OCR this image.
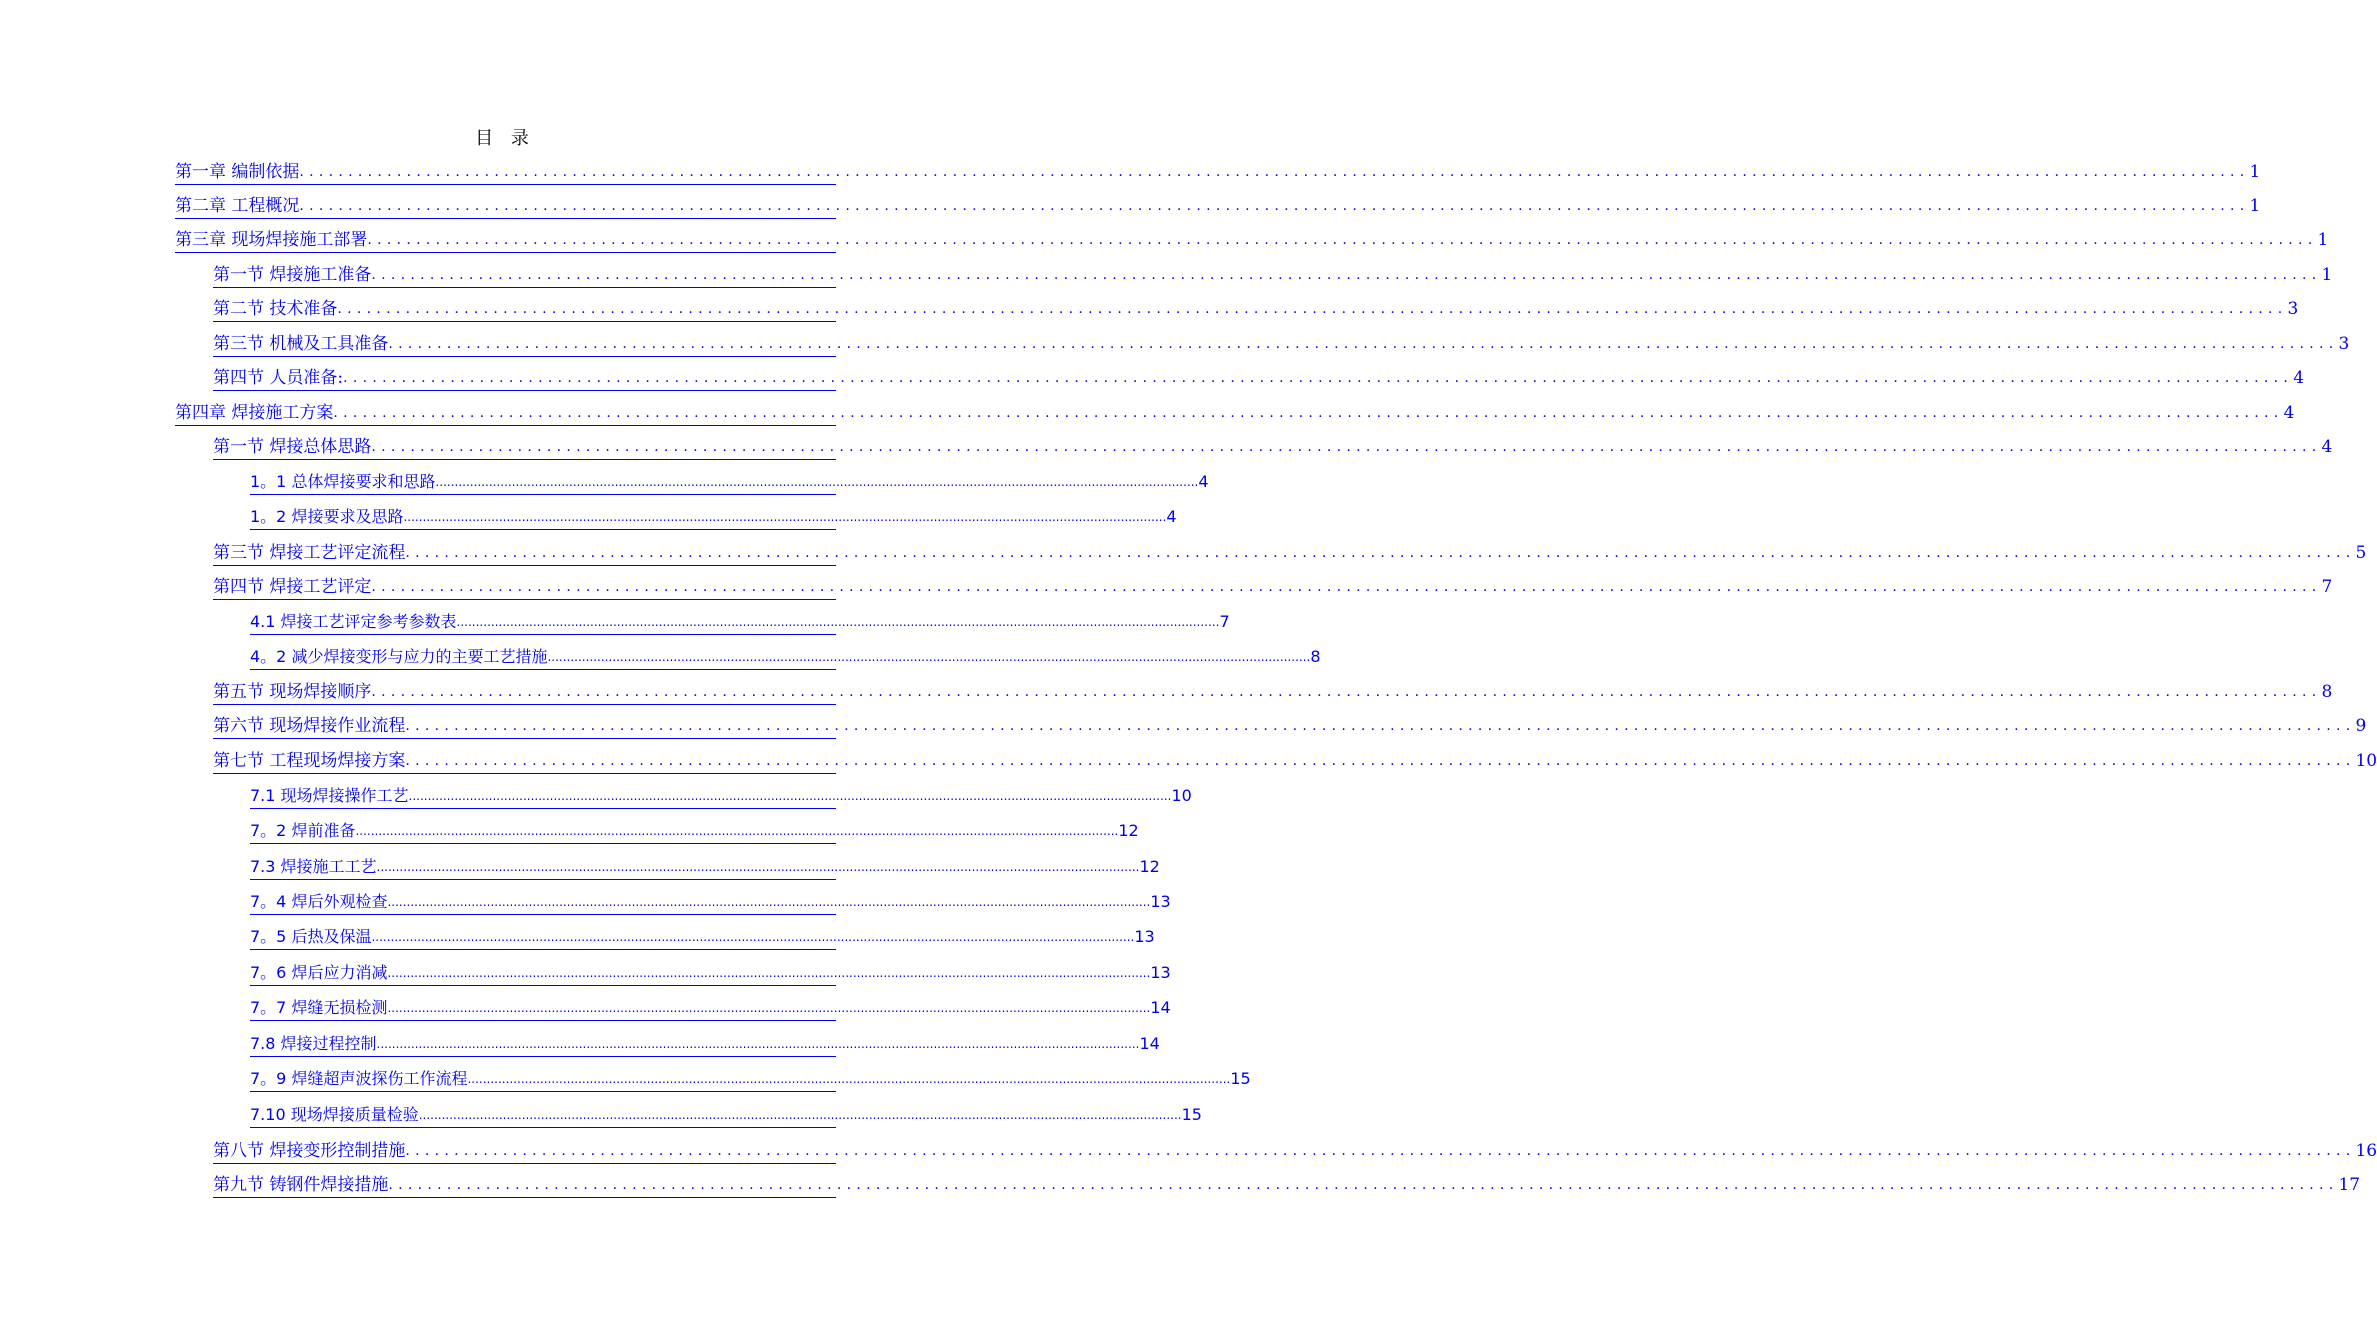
目 录
第一章 编制依据 ........................................................................................................................................................................................................ 1
第二章 工程概况 ........................................................................................................................................................................................................ 1
第三章 现场焊接施工部署 ........................................................................................................................................................................................................ 1
第一节 焊接施工准备 ........................................................................................................................................................................................................ 1
第二节 技术准备 ........................................................................................................................................................................................................ 3
第三节 机械及工具准备 ........................................................................................................................................................................................................ 3
第四节 人员准备: ........................................................................................................................................................................................................ 4
第四章 焊接施工方案 ........................................................................................................................................................................................................ 4
第一节 焊接总体思路 ........................................................................................................................................................................................................ 4
1。1 总体焊接要求和思路 ........................................................................................................................................................................................................ 4
1。2 焊接要求及思路 ........................................................................................................................................................................................................ 4
第三节 焊接工艺评定流程 ........................................................................................................................................................................................................ 5
第四节 焊接工艺评定 ........................................................................................................................................................................................................ 7
4.1 焊接工艺评定参考参数表 ........................................................................................................................................................................................................ 7
4。2 减少焊接变形与应力的主要工艺措施 ........................................................................................................................................................................................................ 8
第五节 现场焊接顺序 ........................................................................................................................................................................................................ 8
第六节 现场焊接作业流程 ........................................................................................................................................................................................................ 9
第七节 工程现场焊接方案 ........................................................................................................................................................................................................ 10
7.1 现场焊接操作工艺 ........................................................................................................................................................................................................ 10
7。2 焊前准备 ........................................................................................................................................................................................................ 12
7.3 焊接施工工艺 ........................................................................................................................................................................................................ 12
7。4 焊后外观检查 ........................................................................................................................................................................................................ 13
7。5 后热及保温 ........................................................................................................................................................................................................ 13
7。6 焊后应力消减 ........................................................................................................................................................................................................ 13
7。7 焊缝无损检测 ........................................................................................................................................................................................................ 14
7.8 焊接过程控制 ........................................................................................................................................................................................................ 14
7。9 焊缝超声波探伤工作流程 ........................................................................................................................................................................................................ 15
7.10 现场焊接质量检验 ........................................................................................................................................................................................................ 15
第八节 焊接变形控制措施 ........................................................................................................................................................................................................ 16
第九节 铸钢件焊接措施 ........................................................................................................................................................................................................ 17
